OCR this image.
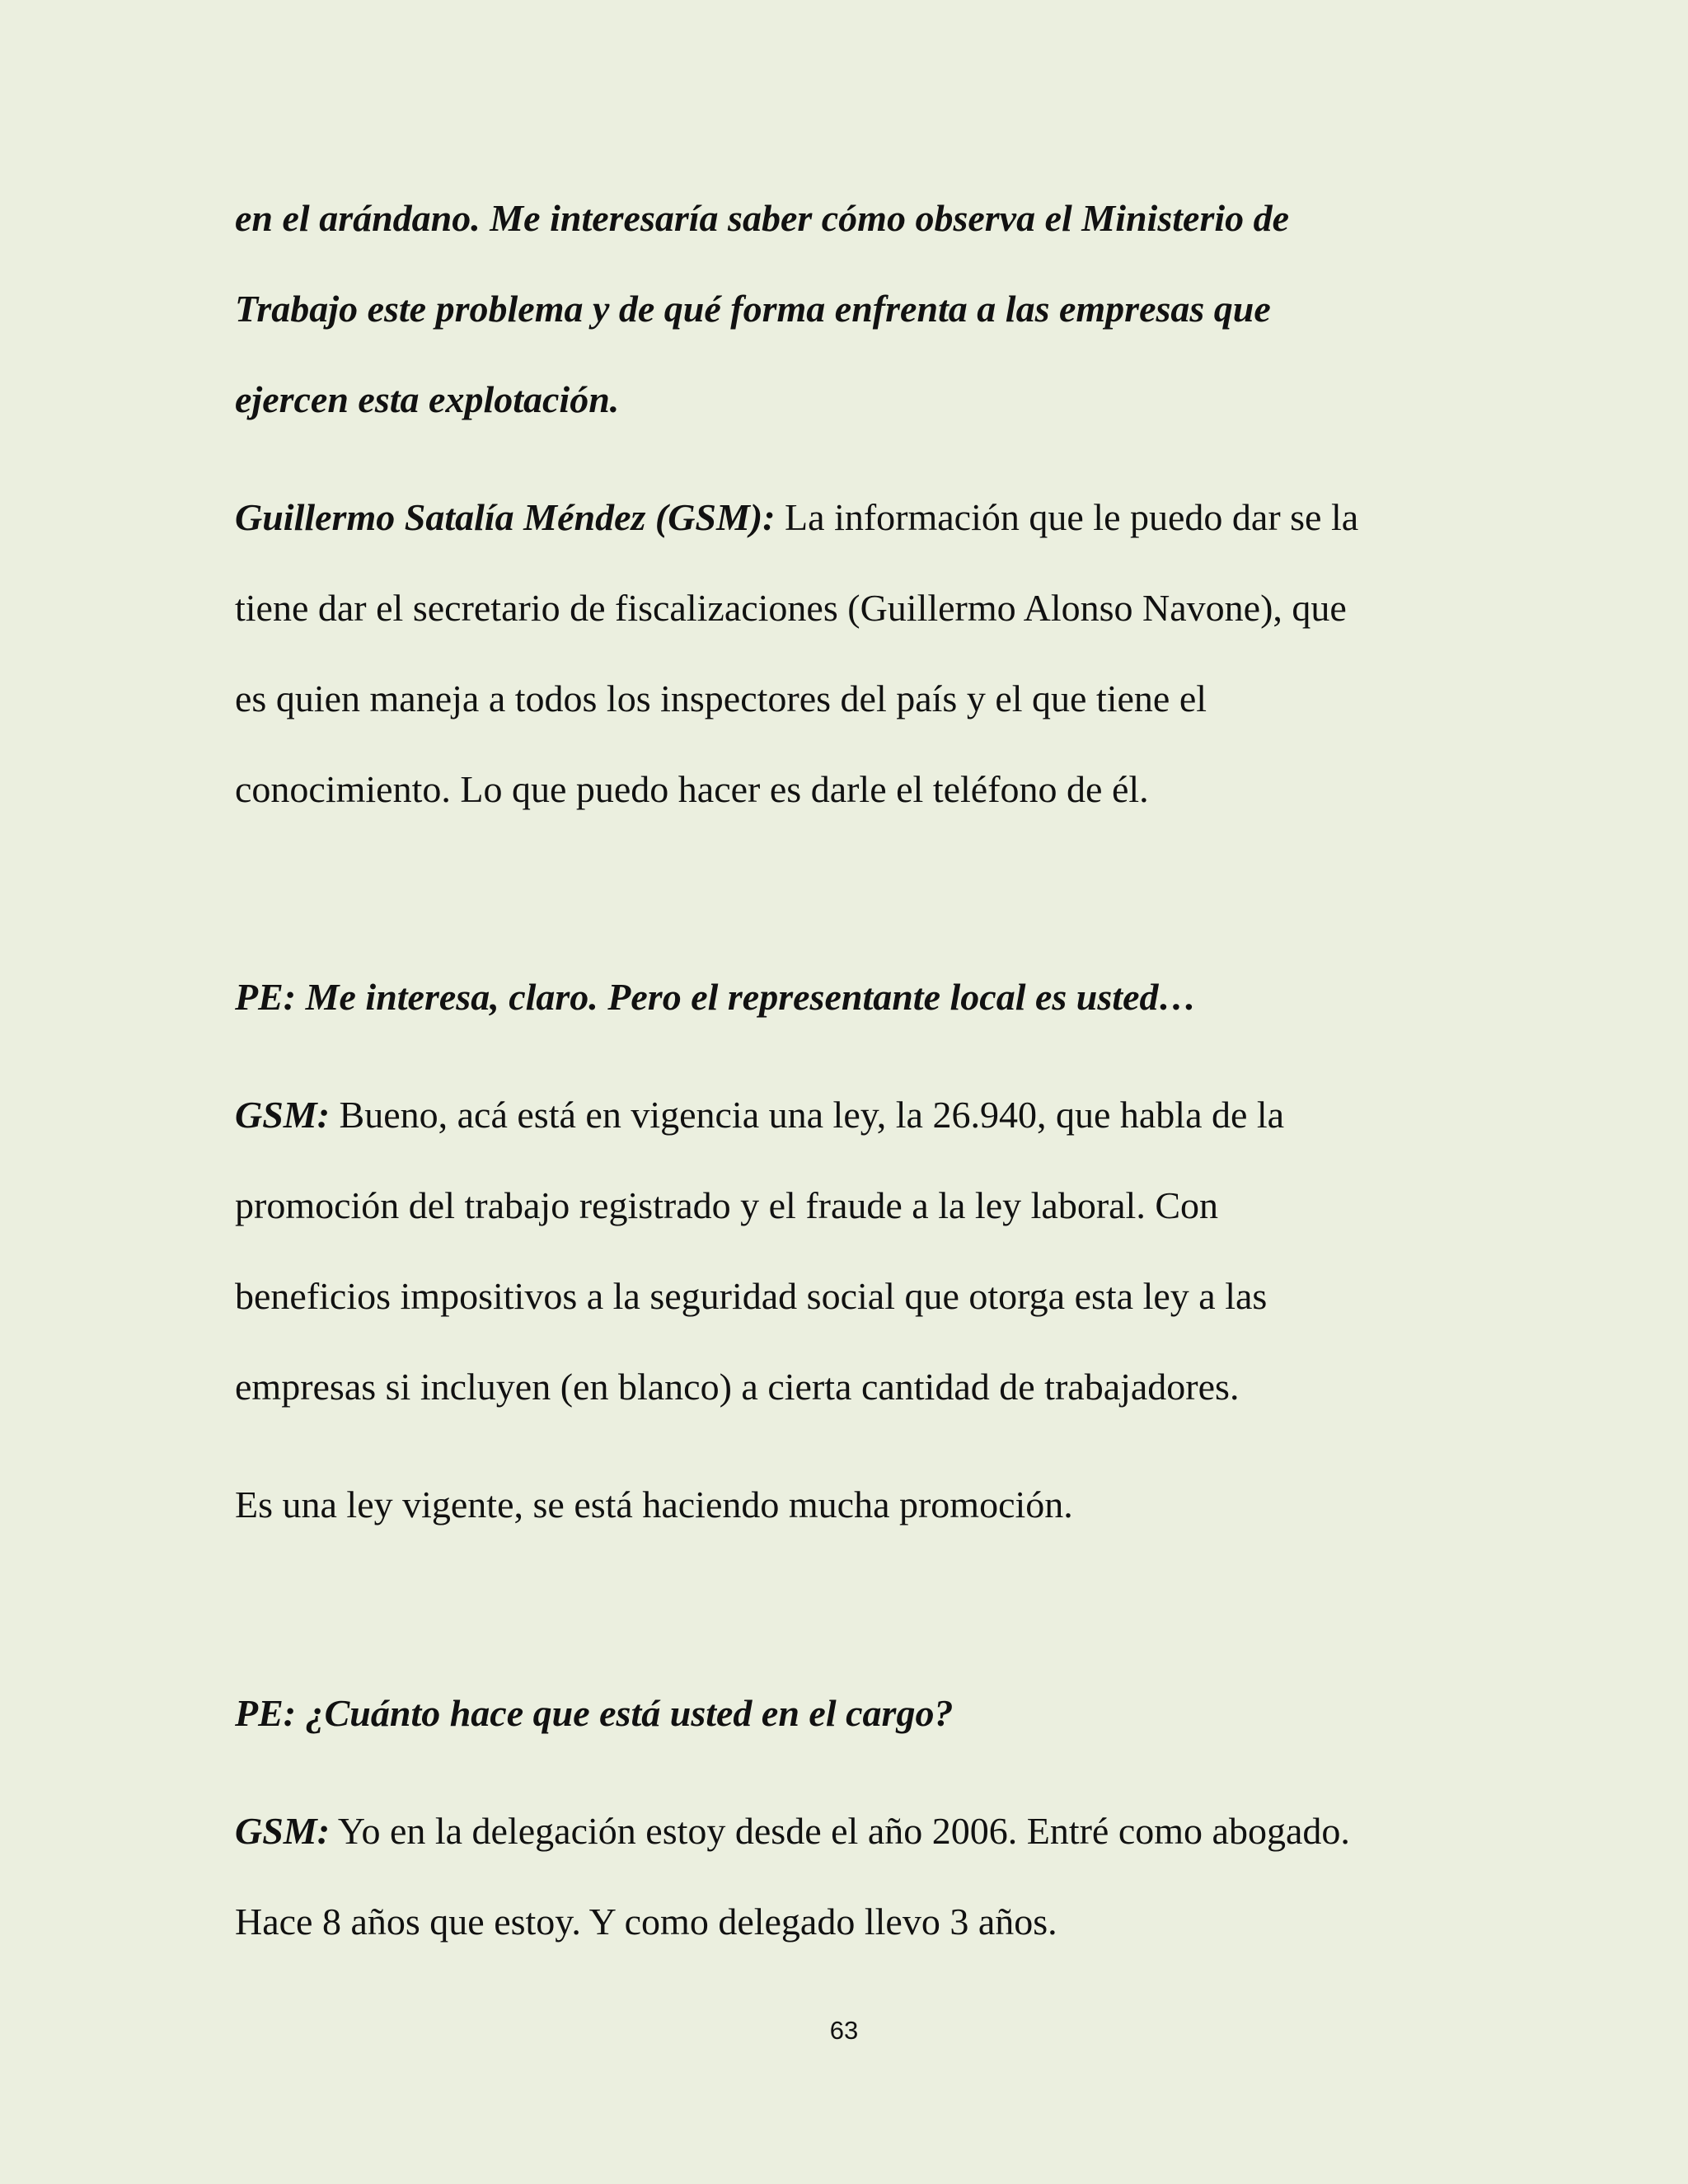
en el arándano. Me interesaría saber cómo observa el Ministerio de
Trabajo este problema y de qué forma enfrenta a las empresas que
ejercen esta explotación.
Guillermo Satalía Méndez (GSM): La información que le puedo dar se la
tiene dar el secretario de fiscalizaciones (Guillermo Alonso Navone), que
es quien maneja a todos los inspectores del país y el que tiene el
conocimiento. Lo que puedo hacer es darle el teléfono de él.
PE: Me interesa, claro. Pero el representante local es usted…
GSM: Bueno, acá está en vigencia una ley, la 26.940, que habla de la
promoción del trabajo registrado y el fraude a la ley laboral. Con
beneficios impositivos a la seguridad social que otorga esta ley a las
empresas si incluyen (en blanco) a cierta cantidad de trabajadores.
Es una ley vigente, se está haciendo mucha promoción.
PE: ¿Cuánto hace que está usted en el cargo?
GSM: Yo en la delegación estoy desde el año 2006. Entré como abogado.
Hace 8 años que estoy. Y como delegado llevo 3 años.
63
